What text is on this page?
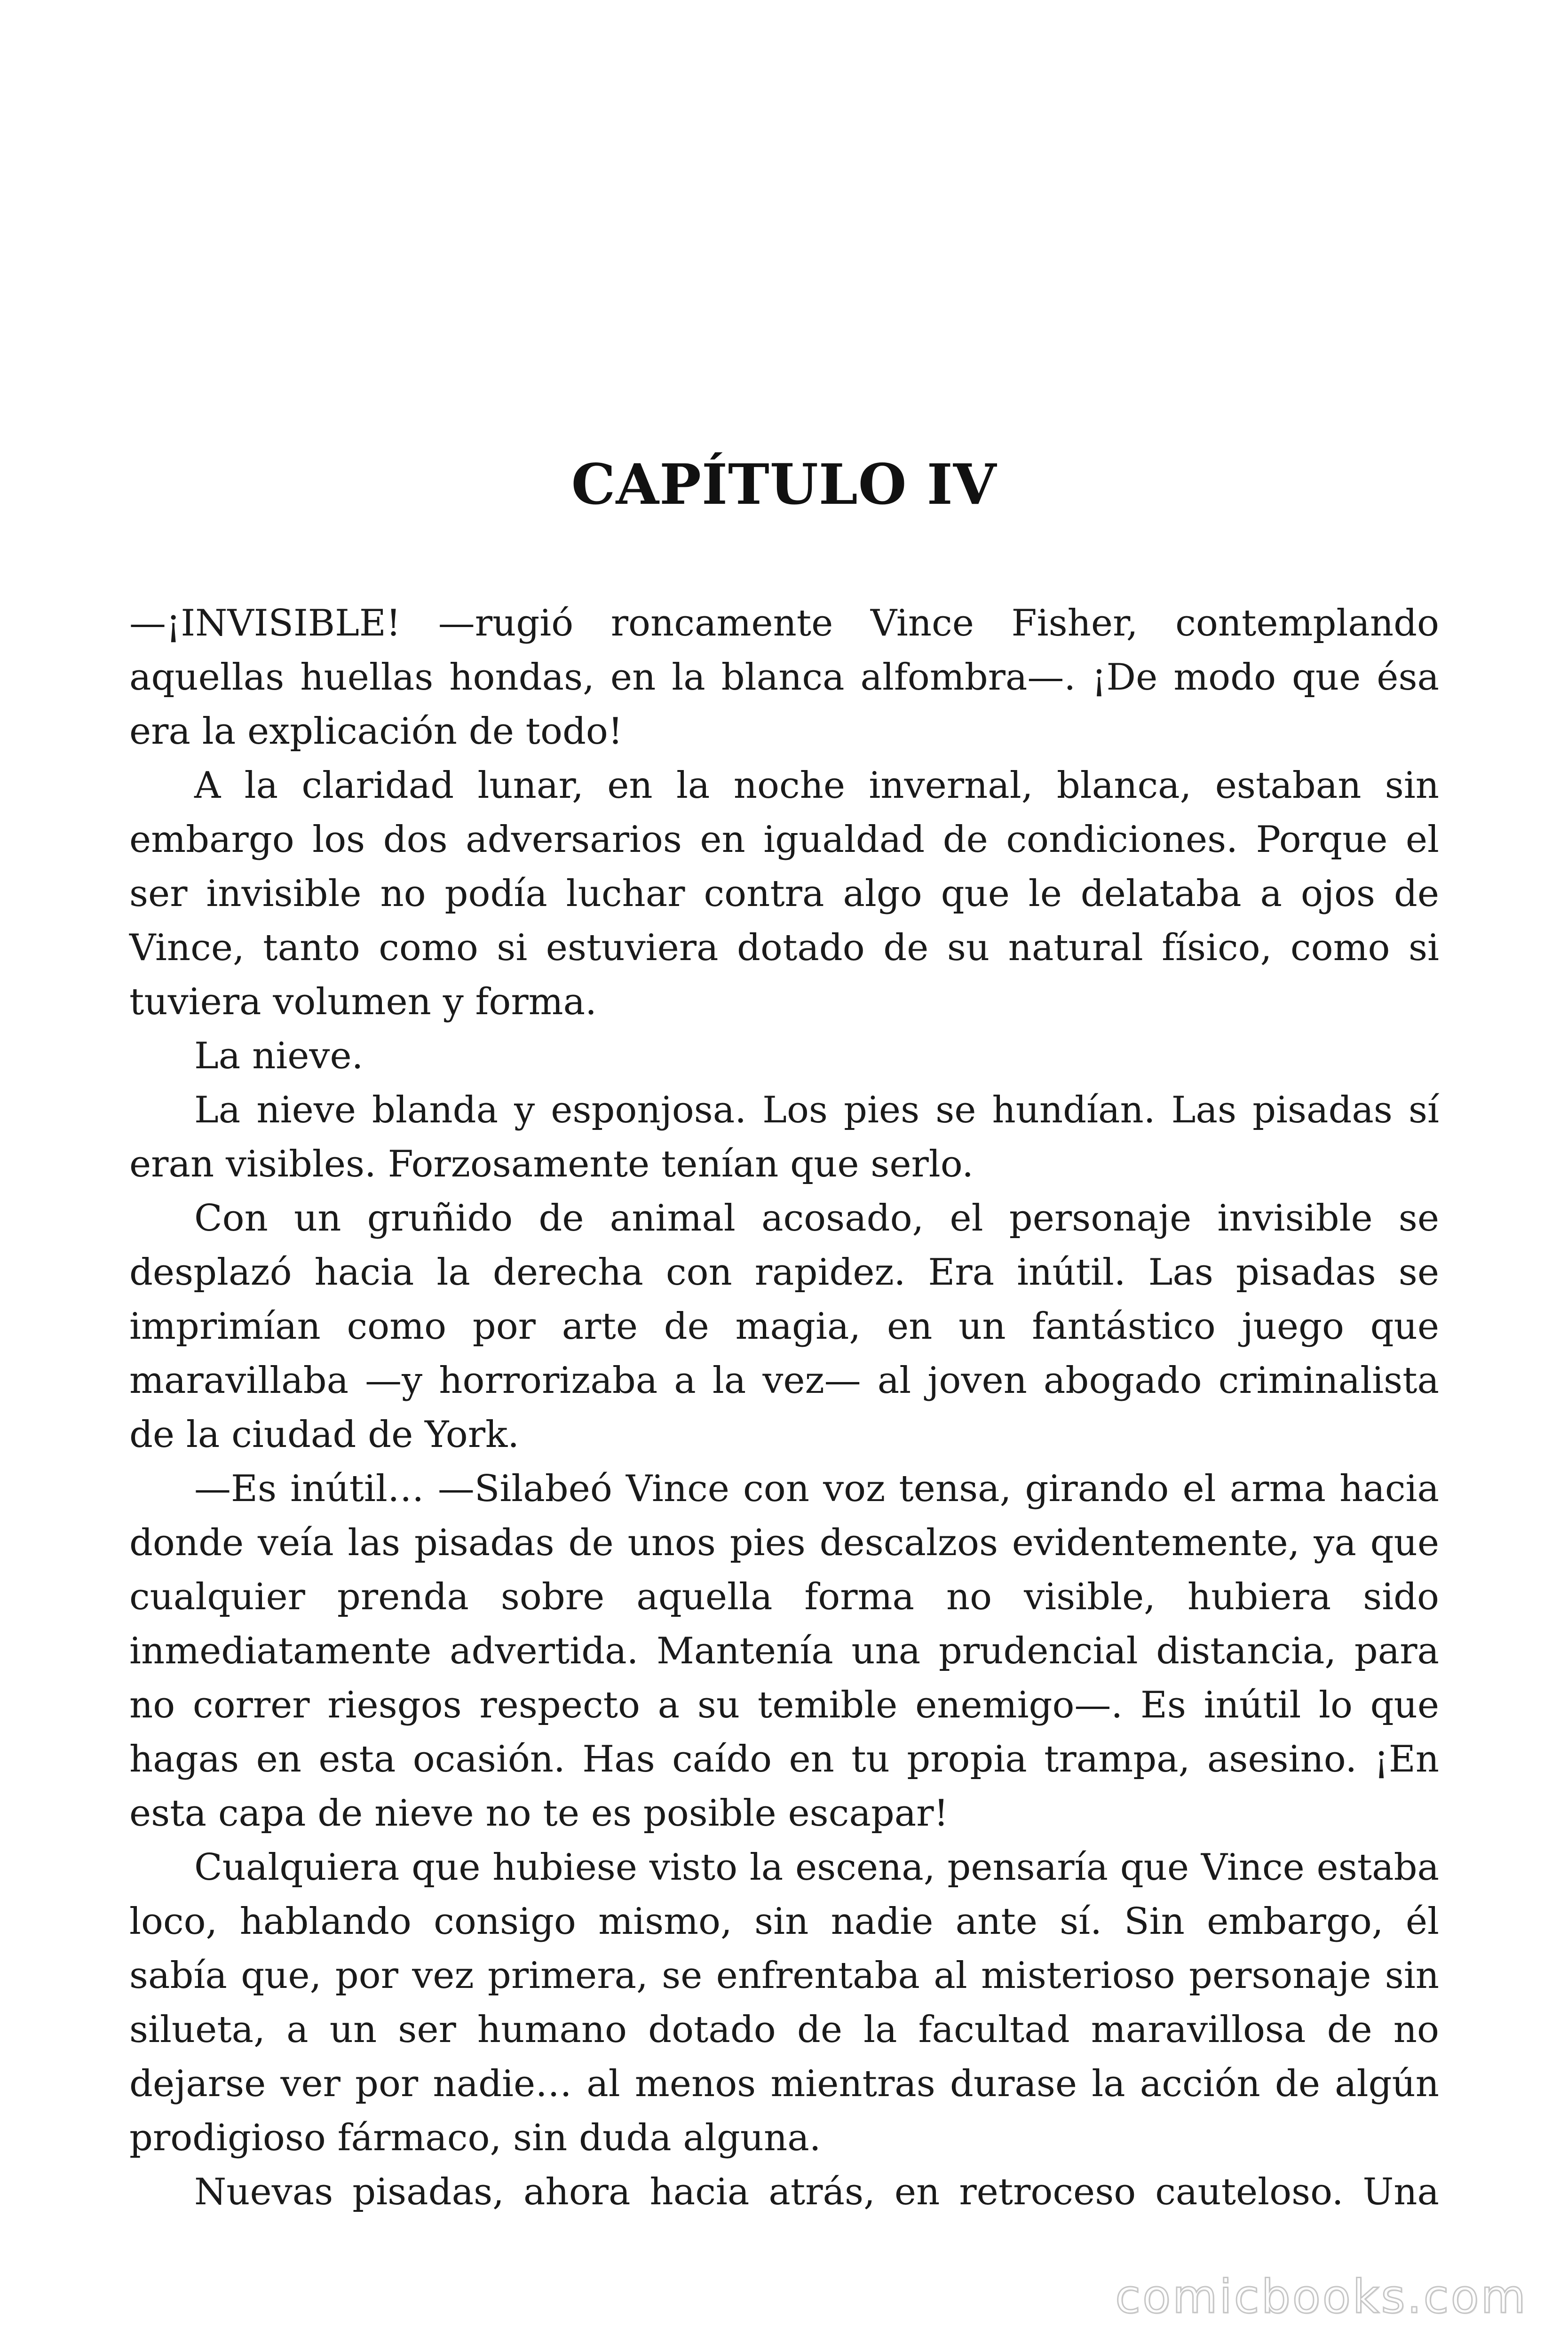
CAPÍTULO IV

—¡INVISIBLE! —rugió roncamente Vince Fisher, contemplando aquellas huellas hondas, en la blanca alfombra—. ¡De modo que ésa era la explicación de todo!

A la claridad lunar, en la noche invernal, blanca, estaban sin embargo los dos adversarios en igualdad de condiciones. Porque el ser invisible no podía luchar contra algo que le delataba a ojos de Vince, tanto como si estuviera dotado de su natural físico, como si tuviera volumen y forma.

La nieve.

La nieve blanda y esponjosa. Los pies se hundían. Las pisadas sí eran visibles. Forzosamente tenían que serlo.

Con un gruñido de animal acosado, el personaje invisible se desplazó hacia la derecha con rapidez. Era inútil. Las pisadas se imprimían como por arte de magia, en un fantástico juego que maravillaba —y horrorizaba a la vez— al joven abogado criminalista de la ciudad de York.

—Es inútil… —Silabeó Vince con voz tensa, girando el arma hacia donde veía las pisadas de unos pies descalzos evidentemente, ya que cualquier prenda sobre aquella forma no visible, hubiera sido inmediatamente advertida. Mantenía una prudencial distancia, para no correr riesgos respecto a su temible enemigo—. Es inútil lo que hagas en esta ocasión. Has caído en tu propia trampa, asesino. ¡En esta capa de nieve no te es posible escapar!

Cualquiera que hubiese visto la escena, pensaría que Vince estaba loco, hablando consigo mismo, sin nadie ante sí. Sin embargo, él sabía que, por vez primera, se enfrentaba al misterioso personaje sin silueta, a un ser humano dotado de la facultad maravillosa de no dejarse ver por nadie… al menos mientras durase la acción de algún prodigioso fármaco, sin duda alguna.

Nuevas pisadas, ahora hacia atrás, en retroceso cauteloso. Una

comicbooks.com
